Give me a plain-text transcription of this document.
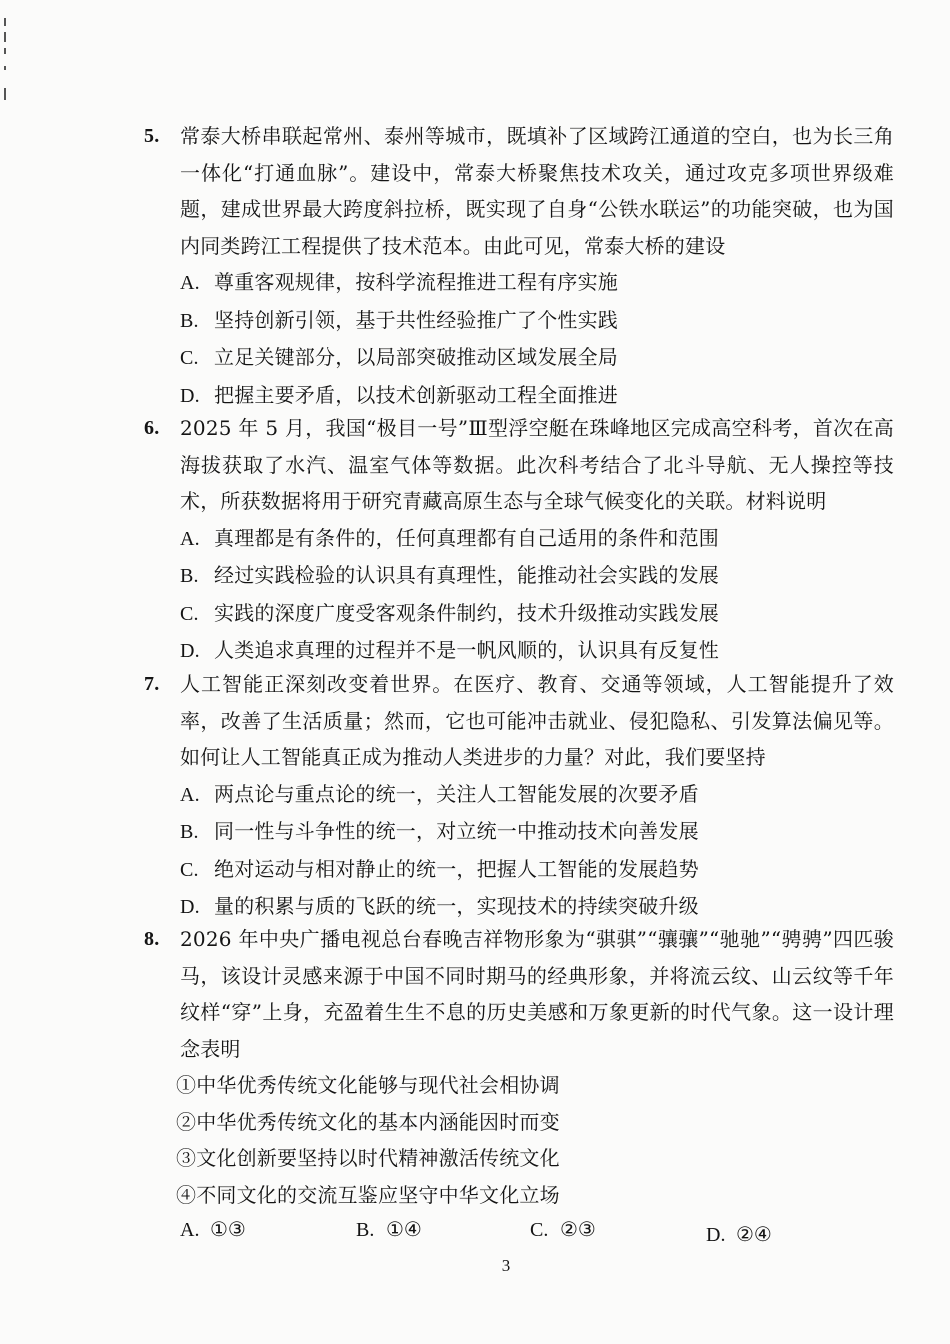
5. 常泰大桥串联起常州、泰州等城市，既填补了区域跨江通道的空白，也为长三角一体化“打通血脉”。建设中，常泰大桥聚焦技术攻关，通过攻克多项世界级难题，建成世界最大跨度斜拉桥，既实现了自身“公铁水联运”的功能突破，也为国内同类跨江工程提供了技术范本。由此可见，常泰大桥的建设
A. 尊重客观规律，按科学流程推进工程有序实施
B. 坚持创新引领，基于共性经验推广了个性实践
C. 立足关键部分，以局部突破推动区域发展全局
D. 把握主要矛盾，以技术创新驱动工程全面推进
6. 2025 年 5 月，我国“极目一号”Ⅲ型浮空艇在珠峰地区完成高空科考，首次在高海拔获取了水汽、温室气体等数据。此次科考结合了北斗导航、无人操控等技术，所获数据将用于研究青藏高原生态与全球气候变化的关联。材料说明
A. 真理都是有条件的，任何真理都有自己适用的条件和范围
B. 经过实践检验的认识具有真理性，能推动社会实践的发展
C. 实践的深度广度受客观条件制约，技术升级推动实践发展
D. 人类追求真理的过程并不是一帆风顺的，认识具有反复性
7. 人工智能正深刻改变着世界。在医疗、教育、交通等领域，人工智能提升了效率，改善了生活质量；然而，它也可能冲击就业、侵犯隐私、引发算法偏见等。如何让人工智能真正成为推动人类进步的力量？对此，我们要坚持
A. 两点论与重点论的统一，关注人工智能发展的次要矛盾
B. 同一性与斗争性的统一，对立统一中推动技术向善发展
C. 绝对运动与相对静止的统一，把握人工智能的发展趋势
D. 量的积累与质的飞跃的统一，实现技术的持续突破升级
8. 2026 年中央广播电视总台春晚吉祥物形象为“骐骐”“骧骧”“驰驰”“骋骋”四匹骏马，该设计灵感来源于中国不同时期马的经典形象，并将流云纹、山云纹等千年纹样“穿”上身，充盈着生生不息的历史美感和万象更新的时代气象。这一设计理念表明
①中华优秀传统文化能够与现代社会相协调
②中华优秀传统文化的基本内涵能因时而变
③文化创新要坚持以时代精神激活传统文化
④不同文化的交流互鉴应坚守中华文化立场
A. ①③	B. ①④	C. ②③	D. ②④
3
